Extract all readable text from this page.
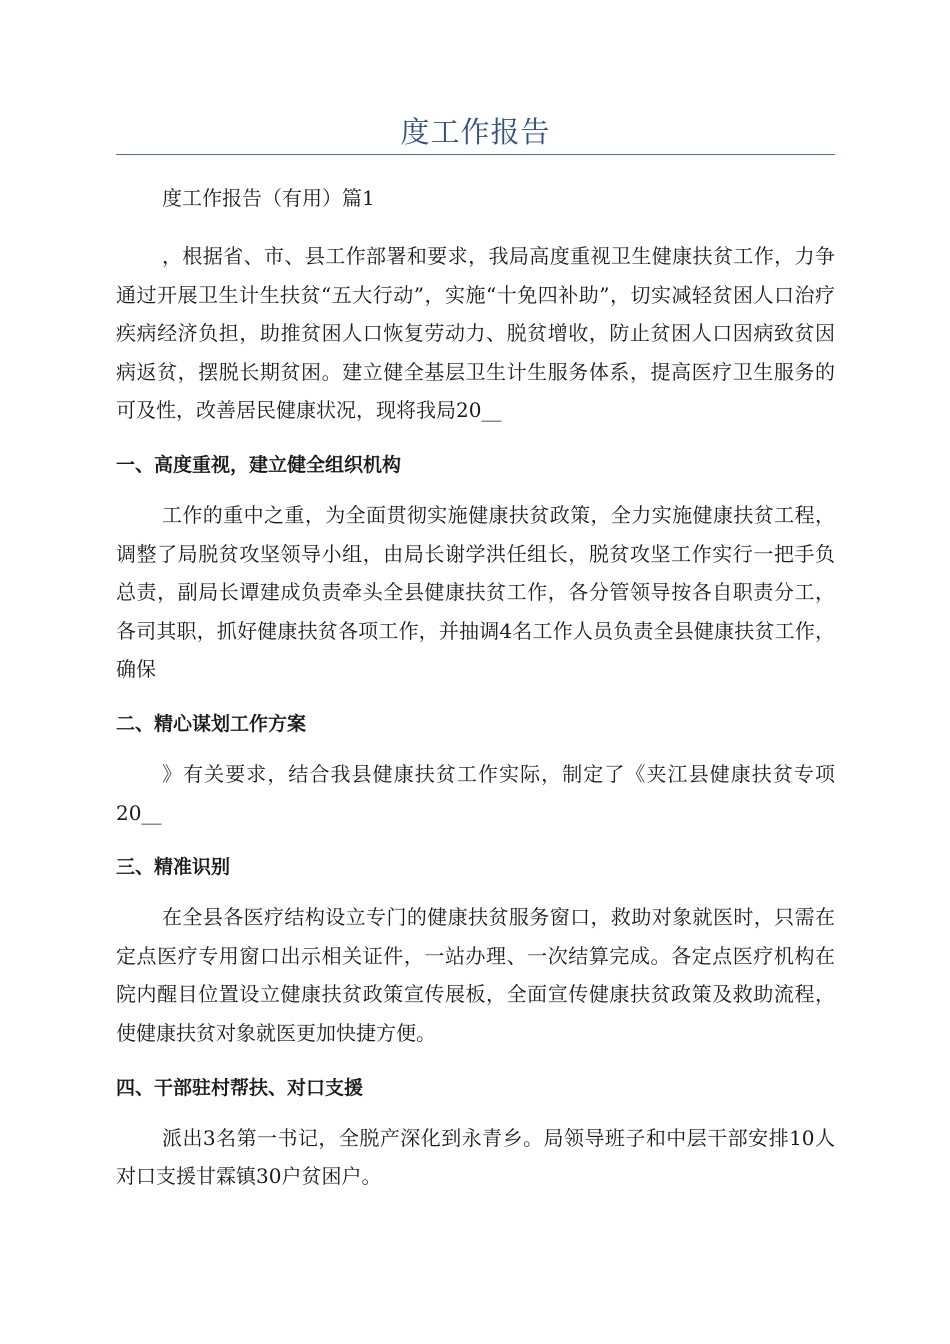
度工作报告

度工作报告（有用）篇1

，根据省、市、县工作部署和要求，我局高度重视卫生健康扶贫工作，力争通过开展卫生计生扶贫“五大行动”，实施“十免四补助”，切实减轻贫困人口治疗疾病经济负担，助推贫困人口恢复劳动力、脱贫增收，防止贫困人口因病致贫因病返贫，摆脱长期贫困。建立健全基层卫生计生服务体系，提高医疗卫生服务的可及性，改善居民健康状况，现将我局20__

一、高度重视，建立健全组织机构

工作的重中之重，为全面贯彻实施健康扶贫政策，全力实施健康扶贫工程，调整了局脱贫攻坚领导小组，由局长谢学洪任组长，脱贫攻坚工作实行一把手负总责，副局长谭建成负责牵头全县健康扶贫工作，各分管领导按各自职责分工，各司其职，抓好健康扶贫各项工作，并抽调4名工作人员负责全县健康扶贫工作，确保

二、精心谋划工作方案

》有关要求，结合我县健康扶贫工作实际，制定了《夹江县健康扶贫专项20__

三、精准识别

在全县各医疗结构设立专门的健康扶贫服务窗口，救助对象就医时，只需在定点医疗专用窗口出示相关证件，一站办理、一次结算完成。各定点医疗机构在院内醒目位置设立健康扶贫政策宣传展板，全面宣传健康扶贫政策及救助流程，使健康扶贫对象就医更加快捷方便。

四、干部驻村帮扶、对口支援

派出3名第一书记，全脱产深化到永青乡。局领导班子和中层干部安排10人对口支援甘霖镇30户贫困户。
